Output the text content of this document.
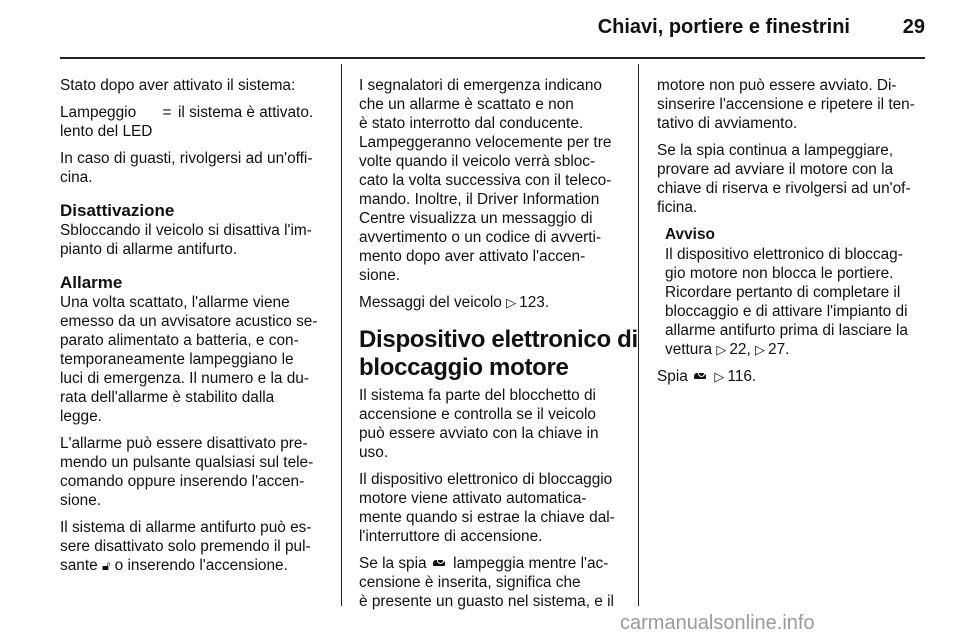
Chiavi, portiere e finestrini	29

Stato dopo aver attivato il sistema:

Lampeggio
lento del LED
= il sistema è attivato.

In caso di guasti, rivolgersi ad un'offi-
cina.

Disattivazione

Sbloccando il veicolo si disattiva l'im-
pianto di allarme antifurto.

Allarme

Una volta scattato, l'allarme viene
emesso da un avvisatore acustico se-
parato alimentato a batteria, e con-
temporaneamente lampeggiano le
luci di emergenza. Il numero e la du-
rata dell'allarme è stabilito dalla
legge.

L'allarme può essere disattivato pre-
mendo un pulsante qualsiasi sul tele-
comando oppure inserendo l'accen-
sione.

Il sistema di allarme antifurto può es-
sere disattivato solo premendo il pul-
sante 🔓︎ o inserendo l'accensione.

I segnalatori di emergenza indicano
che un allarme è scattato e non
è stato interrotto dal conducente.
Lampeggeranno velocemente per tre
volte quando il veicolo verrà sbloc-
cato la volta successiva con il teleco-
mando. Inoltre, il Driver Information
Centre visualizza un messaggio di
avvertimento o un codice di avverti-
mento dopo aver attivato l'accen-
sione.

Messaggi del veicolo ▷ 123.

Dispositivo elettronico di
bloccaggio motore

Il sistema fa parte del blocchetto di
accensione e controlla se il veicolo
può essere avviato con la chiave in
uso.

Il dispositivo elettronico di bloccaggio
motore viene attivato automatica-
mente quando si estrae la chiave dal-
l'interruttore di accensione.

Se la spia lampeggia mentre l'ac-
censione è inserita, significa che
è presente un guasto nel sistema, e il

motore non può essere avviato. Di-
sinserire l'accensione e ripetere il ten-
tativo di avviamento.

Se la spia continua a lampeggiare,
provare ad avviare il motore con la
chiave di riserva e rivolgersi ad un'of-
ficina.

Avviso
Il dispositivo elettronico di bloccag-
gio motore non blocca le portiere.
Ricordare pertanto di completare il
bloccaggio e di attivare l'impianto di
allarme antifurto prima di lasciare la
vettura ▷ 22, ▷ 27.

Spia ▷ 116.

carmanualsonline.info
